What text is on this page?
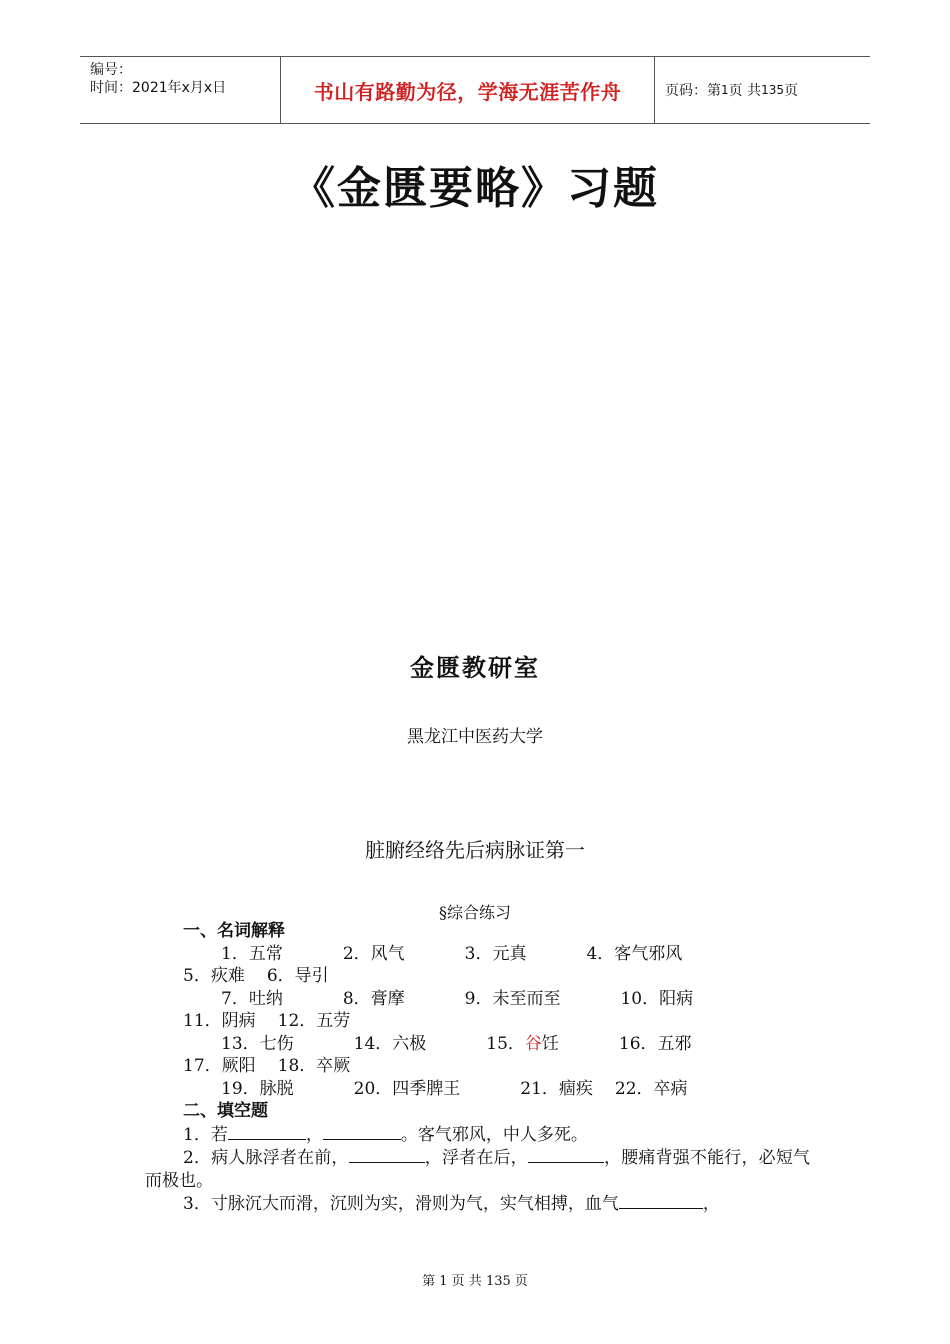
编号：
时间：2021年x月x日	书山有路勤为径，学海无涯苦作舟	页码：第 1 页 共 135 页
《金匮要略》习题
金匮教研室
黑龙江中医药大学
脏腑经络先后病脉证第一
§综合练习
一、名词解释
1．五常	2．风气	3．元真	4．客气邪风5．疢难 6．导引
7．吐纳	8．膏摩	9．未至而至	10．阳病11．阴病 12．五劳
13．七伤	14．六极	15．谷饪	16．五邪17．厥阳 18．卒厥
19．脉脱	20．四季脾王	21．痼疾 22．卒病
二、填空题
1．若	，	。客气邪风，中人多死。
2．病人脉浮者在前，	，浮者在后，	，腰痛背强不能行，必短气而极也。
3．寸脉沉大而滑，沉则为实，滑则为气，实气相搏，血气	，
第 1 页 共 135 页
